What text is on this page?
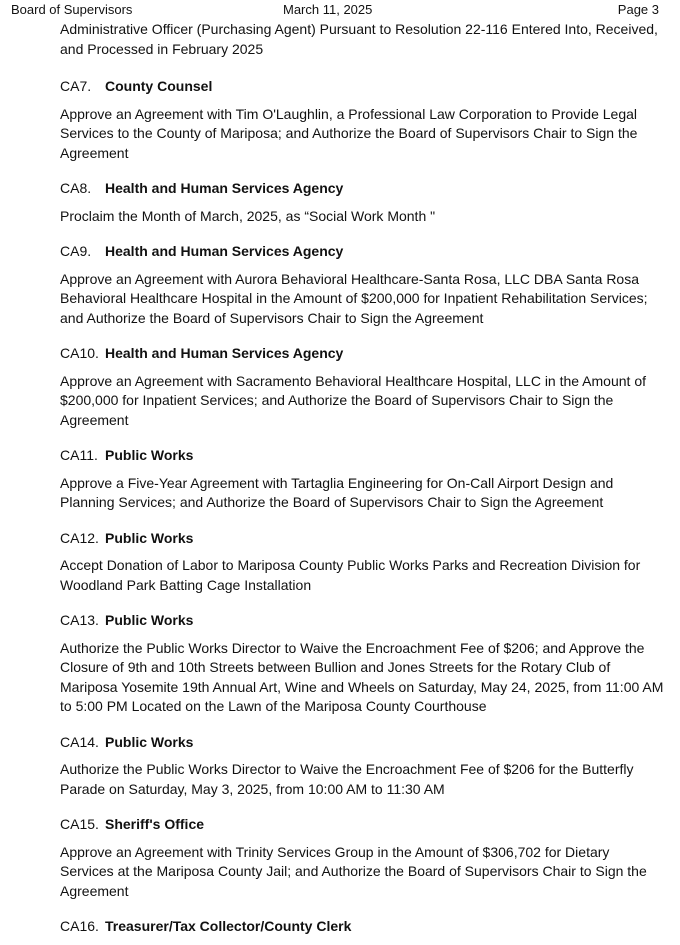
Board of Supervisors	March 11, 2025	Page 3

Administrative Officer (Purchasing Agent) Pursuant to Resolution 22-116 Entered Into, Received, and Processed in February 2025

CA7. County Counsel

Approve an Agreement with Tim O'Laughlin, a Professional Law Corporation to Provide Legal Services to the County of Mariposa; and Authorize the Board of Supervisors Chair to Sign the Agreement

CA8. Health and Human Services Agency

Proclaim the Month of March, 2025, as “Social Work Month "

CA9. Health and Human Services Agency

Approve an Agreement with Aurora Behavioral Healthcare-Santa Rosa, LLC DBA Santa Rosa Behavioral Healthcare Hospital in the Amount of $200,000 for Inpatient Rehabilitation Services; and Authorize the Board of Supervisors Chair to Sign the Agreement

CA10. Health and Human Services Agency

Approve an Agreement with Sacramento Behavioral Healthcare Hospital, LLC in the Amount of $200,000 for Inpatient Services; and Authorize the Board of Supervisors Chair to Sign the Agreement

CA11. Public Works

Approve a Five-Year Agreement with Tartaglia Engineering for On-Call Airport Design and Planning Services; and Authorize the Board of Supervisors Chair to Sign the Agreement

CA12. Public Works

Accept Donation of Labor to Mariposa County Public Works Parks and Recreation Division for Woodland Park Batting Cage Installation

CA13. Public Works

Authorize the Public Works Director to Waive the Encroachment Fee of $206; and Approve the Closure of 9th and 10th Streets between Bullion and Jones Streets for the Rotary Club of Mariposa Yosemite 19th Annual Art, Wine and Wheels on Saturday, May 24, 2025, from 11:00 AM to 5:00 PM Located on the Lawn of the Mariposa County Courthouse

CA14. Public Works

Authorize the Public Works Director to Waive the Encroachment Fee of $206 for the Butterfly Parade on Saturday, May 3, 2025, from 10:00 AM to 11:30 AM

CA15. Sheriff's Office

Approve an Agreement with Trinity Services Group in the Amount of $306,702 for Dietary Services at the Mariposa County Jail; and Authorize the Board of Supervisors Chair to Sign the Agreement

CA16. Treasurer/Tax Collector/County Clerk
